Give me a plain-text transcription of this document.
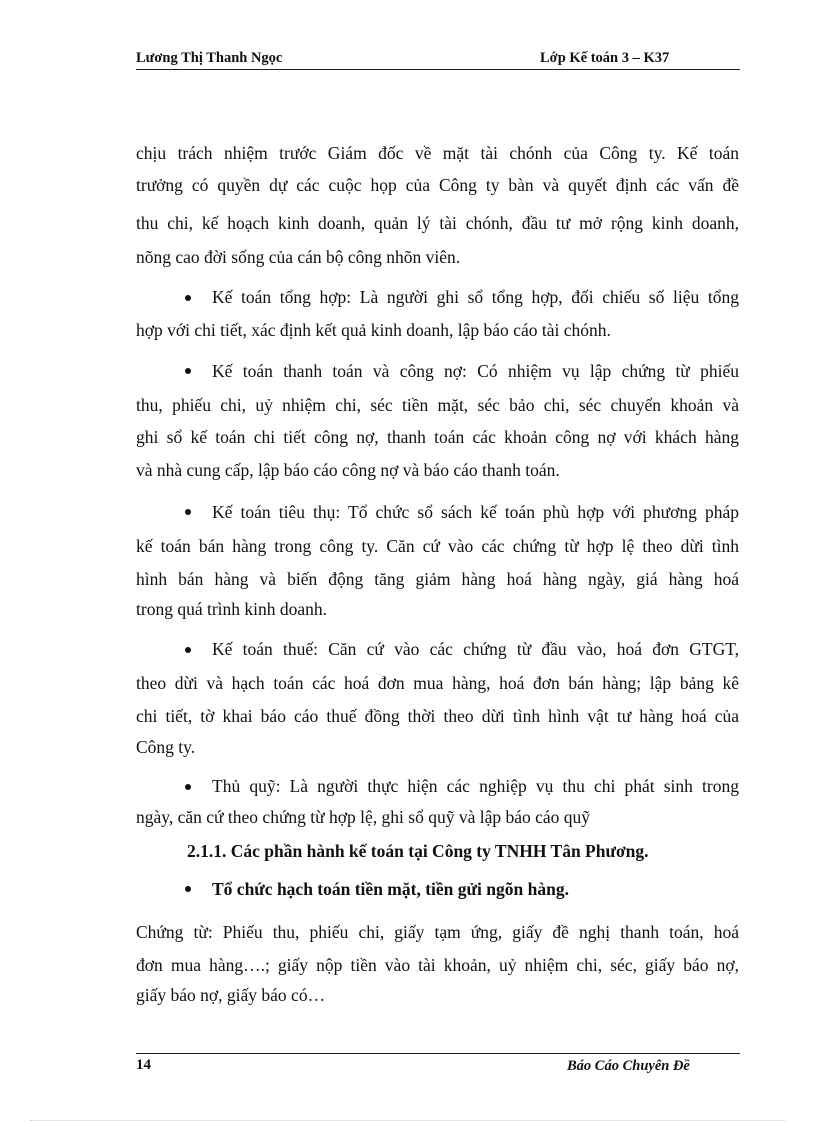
Lương Thị Thanh Ngọc	Lớp Kế toán 3 – K37
chịu trách nhiệm trước Giám đốc về mặt tài chónh của Công ty. Kế toán
trưởng có quyền dự các cuộc họp của Công ty bàn và quyết định các vấn đề
thu chi, kế hoạch kinh doanh, quản lý tài chónh, đầu tư mở rộng kinh doanh,
nõng cao đời sống của cán bộ công nhõn viên.
Kế toán tổng hợp: Là người ghi sổ tổng hợp, đối chiếu số liệu tổng
hợp với chi tiết, xác định kết quả kinh doanh, lập báo cáo tài chónh.
Kế toán thanh toán và công nợ: Có nhiệm vụ lập chứng từ phiếu
thu, phiếu chi, uỷ nhiệm chi, séc tiền mặt, séc bảo chi, séc chuyển khoản và
ghi sổ kế toán chi tiết công nợ, thanh toán các khoản công nợ với khách hàng
và nhà cung cấp, lập báo cáo công nợ và báo cáo thanh toán.
Kế toán tiêu thụ: Tổ chức sổ sách kế toán phù hợp với phương pháp
kế toán bán hàng trong công ty. Căn cứ vào các chứng từ hợp lệ theo dừi tình
hình bán hàng và biến động tăng giảm hàng hoá hàng ngày, giá hàng hoá
trong quá trình kinh doanh.
Kế toán thuế: Căn cứ vào các chứng từ đầu vào, hoá đơn GTGT,
theo dừi và hạch toán các hoá đơn mua hàng, hoá đơn bán hàng; lập bảng kê
chi tiết, tờ khai báo cáo thuế đồng thời theo dừi tình hình vật tư hàng hoá của
Công ty.
Thủ quỹ: Là người thực hiện các nghiệp vụ thu chi phát sinh trong
ngày, căn cứ theo chứng từ hợp lệ, ghi sổ quỹ và lập báo cáo quỹ
2.1.1. Các phần hành kế toán tại Công ty TNHH Tân Phương.
Tổ chức hạch toán tiền mặt, tiền gửi ngõn hàng.
Chứng từ: Phiếu thu, phiếu chi, giấy tạm ứng, giấy đề nghị thanh toán, hoá
đơn mua hàng….; giấy nộp tiền vào tài khoản, uỷ nhiệm chi, séc, giấy báo nợ,
giấy báo nợ, giấy báo có…
14	Báo Cáo Chuyên Đề
